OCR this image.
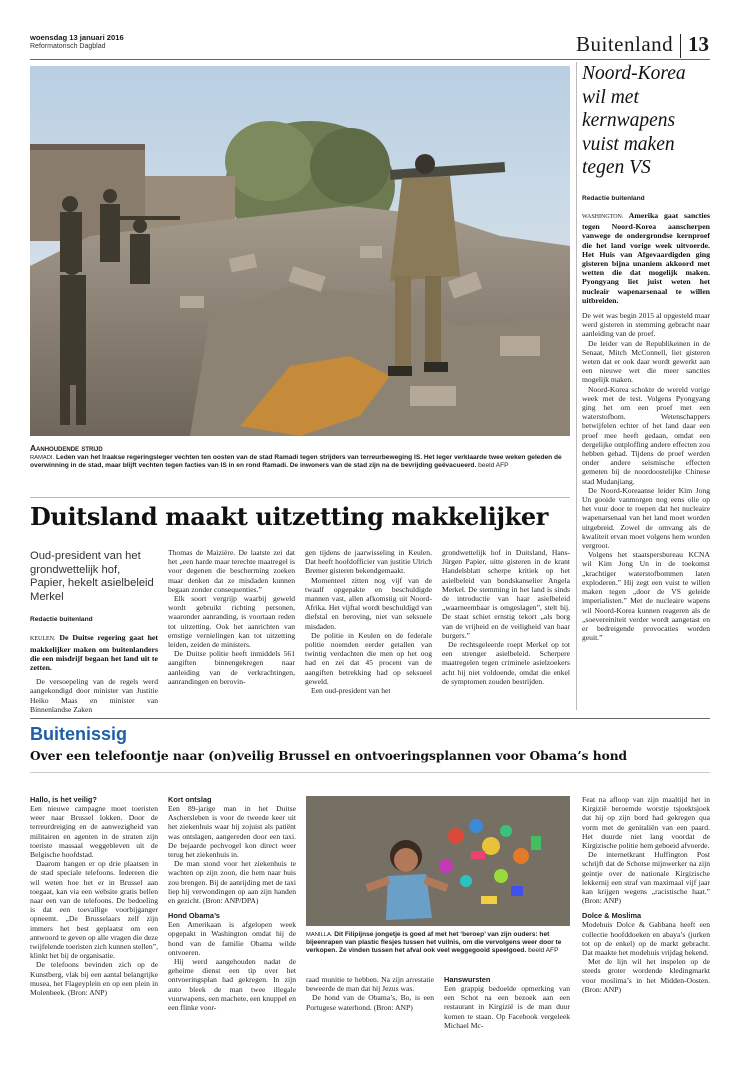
woensdag 13 januari 2016
Reformatorisch Dagblad	Buitenland 13
Aanhoudende strijd
RAMADI. Leden van het Iraakse regeringsleger vechten ten oosten van de stad Ramadi tegen strijders van terreurbeweging IS. Het leger verklaarde twee weken geleden de overwinning in de stad, maar blijft vechten tegen facties van IS in en rond Ramadi. De inwoners van de stad zijn na de bevrijding geëvacueerd. beeld AFP
Noord-Korea wil met kernwapens vuist maken tegen VS
Redactie buitenland
WASHINGTON. Amerika gaat sancties tegen Noord-Korea aanscherpen vanwege de ondergrondse kernproef die het land vorige week uitvoerde. Het Huis van Afgevaardigden ging gisteren bijna unaniem akkoord met wetten die dat mogelijk maken. Pyongyang liet juist weten het nucleair wapenarsenaal te willen uitbreiden.

De wet was begin 2015 al opgesteld maar werd gisteren in stemming gebracht naar aanleiding van de proef.

De leider van de Republikeinen in de Senaat, Mitch McConnell, liet gisteren weten dat er ook daar wordt gewerkt aan een nieuwe wet die meer sancties mogelijk maken.

Noord-Korea schokte de wereld vorige week met de test. Volgens Pyongyang ging het om een proef met een waterstofbom. Wetenschappers betwijfelen echter of het land daar een proef mee heeft gedaan, omdat een dergelijke ontploffing andere effecten zou hebben gehad. Tijdens de proef werden onder andere seismische effecten gemeten bij de noordoostelijke Chinese stad Mudanjiang.

De Noord-Koreaanse leider Kim Jong Un gooide vanmorgen nog eens olie op het vuur door te roepen dat het nucleaire wapenarsenaal van het land moet worden uitgebreid. Zowel de omvang als de kwaliteit ervan moet volgens hem worden vergroot.

Volgens het staatspersbureau KCNA wil Kim Jong Un in de toekomst „krachtiger waterstofbommen laten exploderen.” Hij zegt een vuist te willen maken tegen „door de VS geleide imperialisten.” Met de nucleaire wapens wil Noord-Korea kunnen reageren als de „soevereiniteit verder wordt aangetast en er bedreigende provocaties worden geuit.”

Duitsland maakt uitzetting makkelijker
Oud-president van het grondwettelijk hof, Papier, hekelt asielbeleid Merkel
Redactie buitenland
KEULEN. De Duitse regering gaat het makkelijker maken om buitenlanders die een misdrijf begaan het land uit te zetten.

De versoepeling van de regels werd aangekondigd door minister van Justitie Heiko Maas en minister van Binnenlandse Zaken

Thomas de Maizière. De laatste zei dat het „een harde maar terechte maatregel is voor degenen die bescherming zoeken maar denken dat ze misdaden kunnen begaan zonder consequenties.”

Elk soort vergrijp waarbij geweld wordt gebruikt richting personen, waaronder aanranding, is voortaan reden tot uitzetting. Ook het aanrichten van ernstige vernielingen kan tot uitzetting leiden, zeiden de ministers.

De Duitse politie heeft inmiddels 561 aangiften binnengekregen naar aanleiding van de verkrachtingen, aanrandingen en berovin-

gen tijdens de jaarwisseling in Keulen. Dat heeft hoofdofficier van justitie Ulrich Bremer gisteren bekendgemaakt.

Momenteel zitten nog vijf van de twaalf opgepakte en beschuldigde mannen vast, allen afkomstig uit Noord-Afrika. Het vijftal wordt beschuldigd van diefstal en beroving, niet van seksuele misdaden.

De politie in Keulen en de federale politie noemden eerder getallen van twintig verdachten die men op het oog had en zei dat 45 procent van de aangiften betrekking had op seksueel geweld.

Een oud-president van het

grondwettelijk hof in Duitsland, Hans-Jürgen Papier, uitte gisteren in de krant Handelsblatt scherpe kritiek op het asielbeleid van bondskanselier Angela Merkel. De stemming in het land is sinds de introductie van haar asielbeleid „waarneembaar is omgeslagen”, stelt hij. De staat schiet ernstig tekort „als borg van de vrijheid en de veiligheid van haar burgers.”

De rechtsgeleerde roept Merkel op tot een strenger asielbeleid. Scherpere maatregelen tegen criminele asielzoekers acht hij niet voldoende, omdat die enkel de symptomen zouden bestrijden.

Buitenissig
Over een telefoontje naar (on)veilig Brussel en ontvoeringsplannen voor Obama’s hond
Hallo, is het veilig?

Een nieuwe campagne moet toeristen weer naar Brussel lokken. Door de terreurdreiging en de aanwezigheid van militairen en agenten in de straten zijn toeriste massaal weggebleven uit de Belgische hoofdstad.

Daarom hangen er op drie plaatsen in de stad speciale telefoons. Iedereen die wil weten hoe het er in Brussel aan toegaat, kan via een website gratis bellen naar een van de telefoons. De bedoeling is dat een toevallige voorbijganger opneemt. „De Brusselaars zelf zijn immers het best geplaatst om een antwoord te geven op alle vragen die deze twijfelende toeristen zich kunnen stellen”, klinkt het bij de organisatie.

De telefoons bevinden zich op de Kunstberg, vlak bij een aantal belangrijke musea, het Flageyplein en op een plein in Molenbeek. (Bron: ANP)

Kort ontslag

Een 89-jarige man in het Duitse Aschersleben is voor de tweede keer uit het ziekenhuis waar hij zojuist als patiënt was ontslagen, aangereden door een taxi. De bejaarde pechvogel kon direct weer terug het ziekenhuis in.

De man stond voor het ziekenhuis te wachten op zijn zoon, die hem naar huis zou brengen. Bij de aanrijding met de taxi liep hij verwondingen op aan zijn handen en gezicht. (Bron: ANP/DPA)

Hond Obama’s

Een Amerikaan is afgelopen week opgepakt in Washington omdat hij de hond van de familie Obama wilde ontvoeren.

Hij werd aangehouden nadat de geheime dienst een tip over het ontvoeringsplan had gekregen. In zijn auto bleek de man twee illegale vuurwapens, een machete, een knuppel en een flinke voor-

MANILLA. Dit Filipijnse jongetje is goed af met het ‘beroep’ van zijn ouders: het bijeenrapen van plastic flesjes tussen het vuilnis, om die vervolgens weer door te verkopen. Ze vinden tussen het afval ook veel weggegooid speelgoed. beeld AFP

raad munitie te hebben. Na zijn arrestatie beweerde de man dat hij Jezus was.

De hond van de Obama’s, Bo, is een Portugese waterhond. (Bron: ANP)

Hanswursten

Een grappig bedoelde opmerking van een Schot na een bezoek aan een restaurant in Kirgizië is de man duur komen te staan. Op Facebook vergeleek Michael Mc-

Feat na afloop van zijn maaltijd het in Kirgizië beroemde worstje tsjoektsjoek dat hij op zijn bord had gekregen qua vorm met de genitaliën van een paard. Het duurde niet lang voordat de Kirgizische politie hem geboeid afvoerde.

De internetkrant Huffington Post schrijft dat de Schotse mijnwerker na zijn geintje over de nationale Kirgizische lekkernij een straf van maximaal vijf jaar kan krijgen wegens „racistische haat.” (Bron: ANP)

Dolce & Moslima

Modehuis Dolce & Gabbana heeft een collectie hoofddoeken en abaya’s (jurken tot op de enkel) op de markt gebracht. Dat maakte het modehuis vrijdag bekend.

Met de lijn wil het inspelen op de steeds groter wordende kledingmarkt voor moslima’s in het Midden-Oosten. (Bron: ANP)
